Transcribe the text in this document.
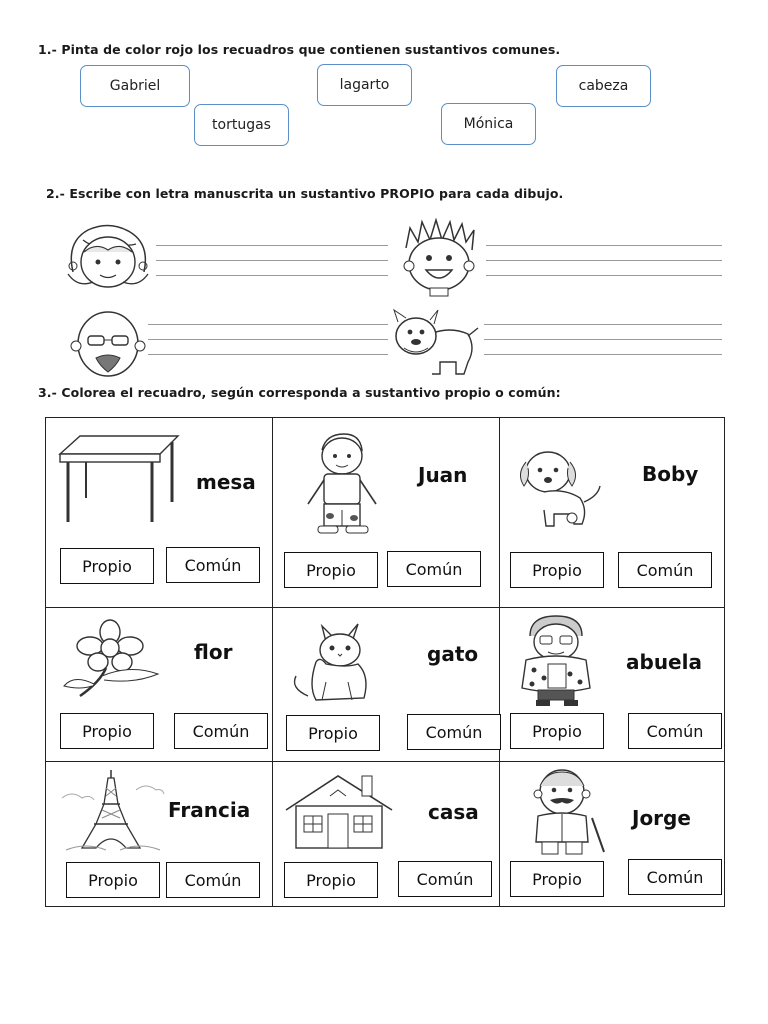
1.- Pinta de color rojo los recuadros que contienen sustantivos comunes.
Gabriel	lagarto	cabeza
tortugas	Mónica
2.- Escribe con letra manuscrita un sustantivo PROPIO para cada dibujo.
3.- Colorea el recuadro, según corresponda a sustantivo propio o común:
mesa
Propio	Común
Juan
Propio	Común
Boby
Propio	Común
flor
Propio	Común
gato
Propio	Común
abuela
Propio	Común
Francia
Propio	Común
casa
Propio	Común
Jorge
Propio	Común
